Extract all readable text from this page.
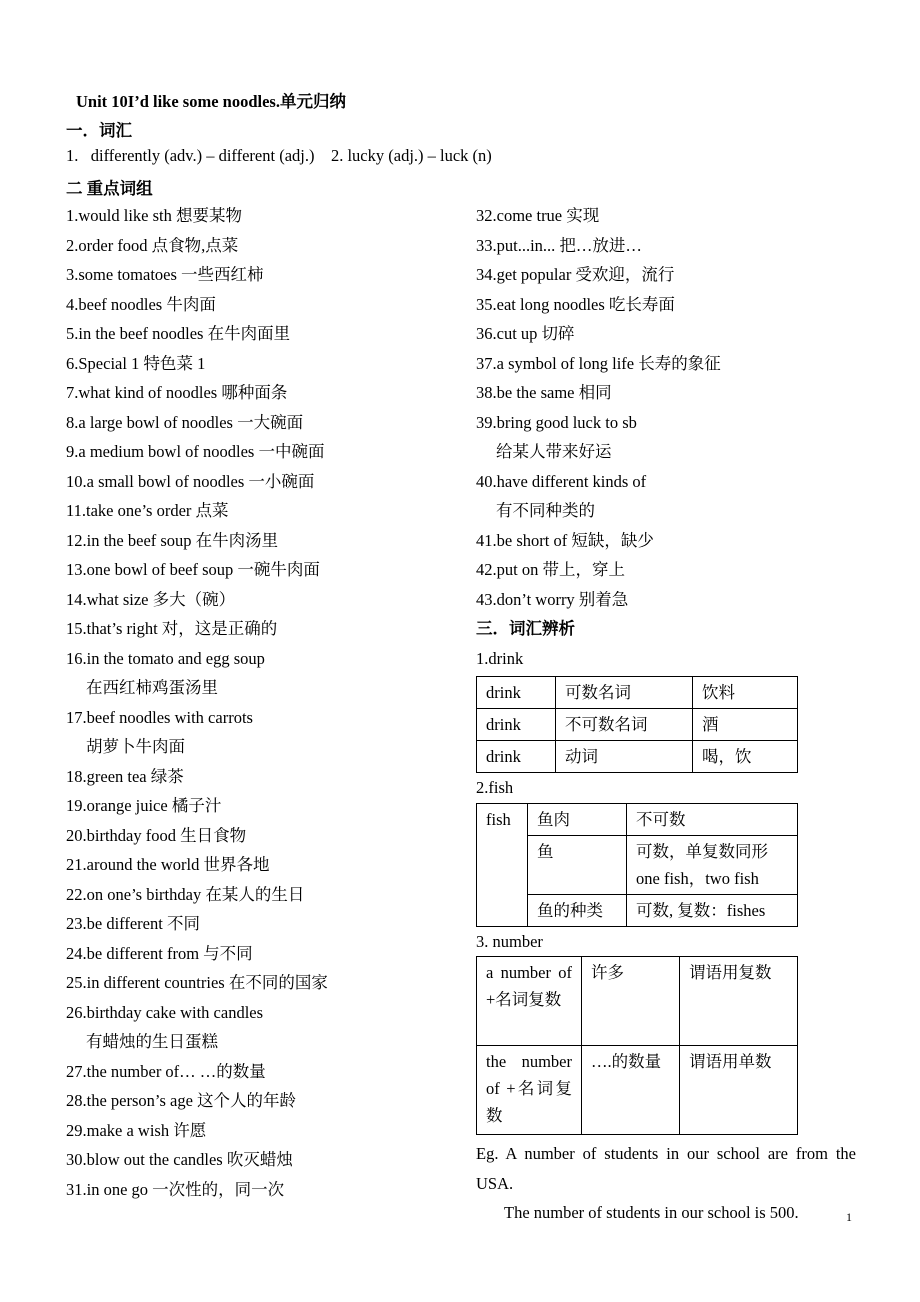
Unit 10I’d like some noodles.单元归纳
一．词汇
1.   differently (adv.) – different (adj.)    2. lucky (adj.) – luck (n)
二 重点词组
1.would like sth 想要某物
2.order food 点食物,点菜
3.some tomatoes 一些西红柿
4.beef noodles 牛肉面
5.in the beef noodles 在牛肉面里
6.Special 1 特色菜 1
7.what kind of noodles 哪种面条
8.a large bowl of noodles 一大碗面
9.a medium bowl of noodles 一中碗面
10.a small bowl of noodles 一小碗面
11.take one’s order 点菜
12.in the beef soup 在牛肉汤里
13.one bowl of beef soup 一碗牛肉面
14.what size 多大（碗）
15.that’s right 对，这是正确的
16.in the tomato and egg soup
在西红柿鸡蛋汤里
17.beef noodles with carrots
胡萝卜牛肉面
18.green tea 绿茶
19.orange juice 橘子汁
20.birthday food 生日食物
21.around the world 世界各地
22.on one’s birthday 在某人的生日
23.be different 不同
24.be different from 与不同
25.in different countries 在不同的国家
26.birthday cake with candles
有蜡烛的生日蛋糕
27.the number of… …的数量
28.the person’s age 这个人的年龄
29.make a wish 许愿
30.blow out the candles 吹灭蜡烛
31.in one go 一次性的，同一次
32.come true 实现
33.put...in... 把…放进…
34.get popular 受欢迎，流行
35.eat long noodles 吃长寿面
36.cut up 切碎
37.a symbol of long life 长寿的象征
38.be the same 相同
39.bring good luck to sb
给某人带来好运
40.have different kinds of
有不同种类的
41.be short of 短缺，缺少
42.put on 带上，穿上
43.don’t worry 别着急
三．词汇辨析
1.drink
drink	可数名词	饮料
drink	不可数名词	酒
drink	动词	喝，饮
2.fish
fish	鱼肉	不可数
	鱼	可数，单复数同形 one fish，two fish
	鱼的种类	可数, 复数：fishes
3. number
a number of +名词复数	许多	谓语用复数
the number of +名词复数	….的数量	谓语用单数
Eg. A number of students in our school are from the USA.
The number of students in our school is 500.	1
